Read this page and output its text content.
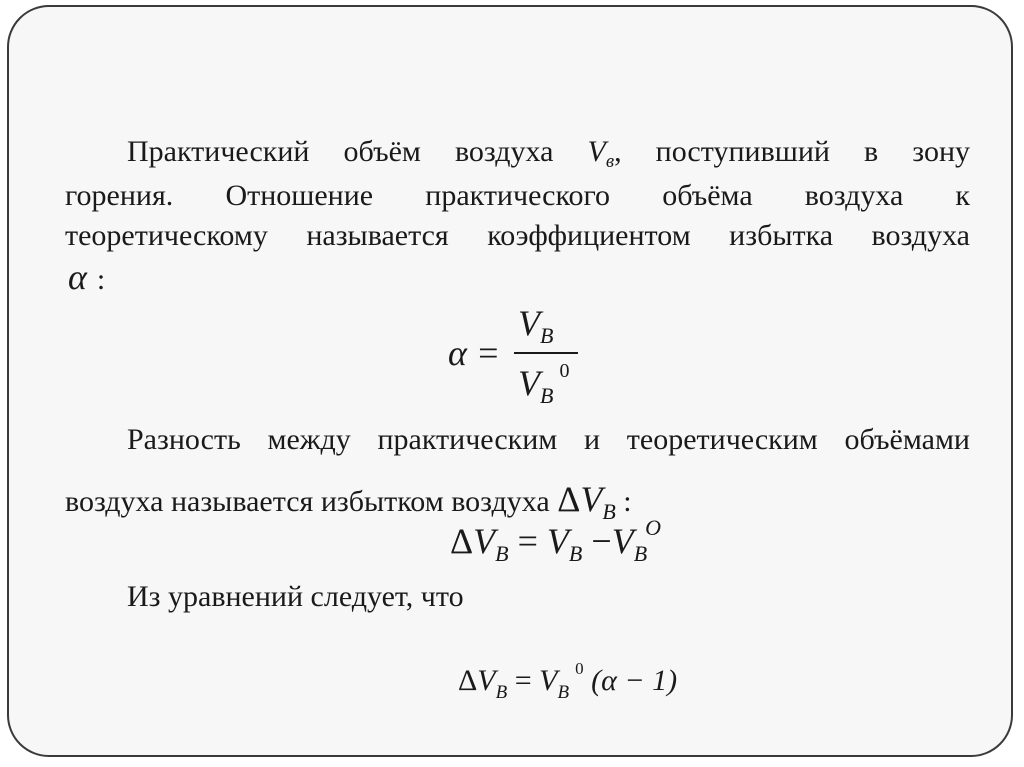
Практический объём воздуха $V_в$, поступивший в зону

горения. Отношение практического объёма воздуха к

теоретическому называется коэффициентом избытка воздуха

α :
α =
$V_B$
$V_B^0$

Разность между практическим и теоретическим объёмами

воздуха называется избытком воздуха $\Delta V_B$ :
$\Delta V_B = V_B -V_B^O$
Из уравнений следует, что
$\Delta V_B = V_B^0$ (α − 1)
